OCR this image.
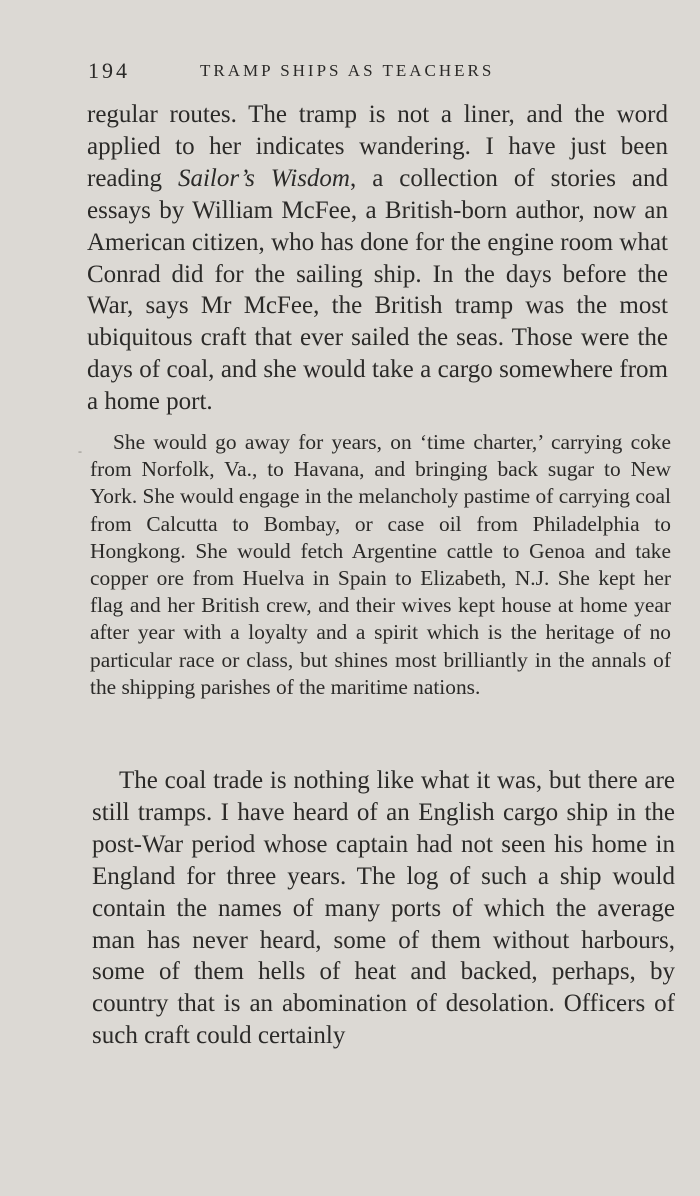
194	TRAMP SHIPS AS TEACHERS

regular routes. The tramp is not a liner, and the word applied to her indicates wandering. I have just been reading Sailor’s Wisdom, a collection of stories and essays by William McFee, a British-born author, now an American citizen, who has done for the engine room what Conrad did for the sailing ship. In the days before the War, says Mr McFee, the British tramp was the most ubiquitous craft that ever sailed the seas. Those were the days of coal, and she would take a cargo somewhere from a home port.

-	She would go away for years, on ‘time charter,’ carrying coke from Norfolk, Va., to Havana, and bringing back sugar to New York. She would engage in the melancholy pastime of carrying coal from Calcutta to Bombay, or case oil from Philadelphia to Hongkong. She would fetch Argentine cattle to Genoa and take copper ore from Huelva in Spain to Elizabeth, N.J. She kept her flag and her British crew, and their wives kept house at home year after year with a loyalty and a spirit which is the heritage of no particular race or class, but shines most brilliantly in the annals of the shipping parishes of the maritime nations.

The coal trade is nothing like what it was, but there are still tramps. I have heard of an English cargo ship in the post-War period whose captain had not seen his home in England for three years. The log of such a ship would contain the names of many ports of which the average man has never heard, some of them without harbours, some of them hells of heat and backed, perhaps, by country that is an abomination of desolation. Officers of such craft could certainly
